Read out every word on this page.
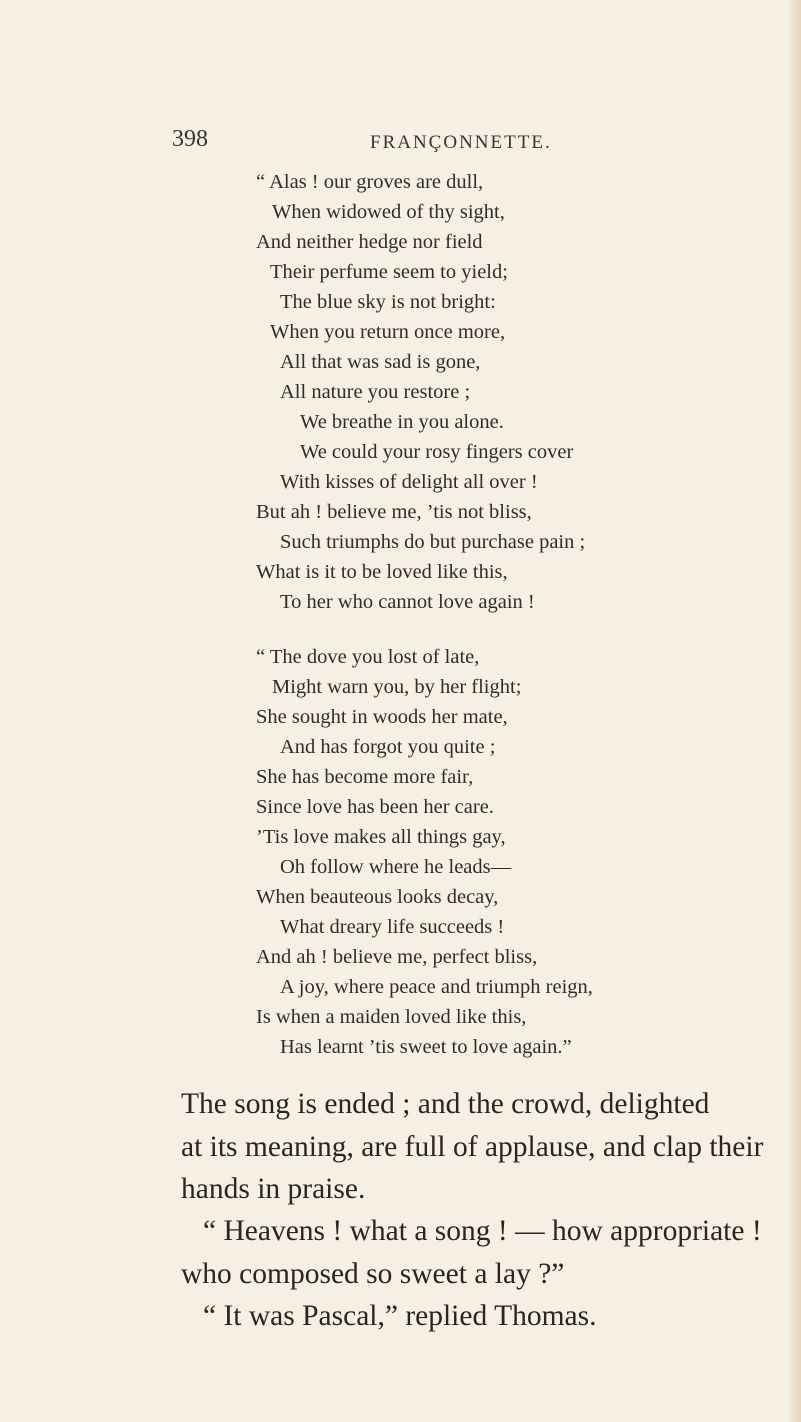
398	FRANÇONNETTE.
“ Alas ! our groves are dull,
When widowed of thy sight,
And neither hedge nor field
Their perfume seem to yield;
The blue sky is not bright:
When you return once more,
All that was sad is gone,
All nature you restore ;
We breathe in you alone.
We could your rosy fingers cover
With kisses of delight all over !
But ah ! believe me, ’tis not bliss,
Such triumphs do but purchase pain ;
What is it to be loved like this,
To her who cannot love again !
“ The dove you lost of late,
Might warn you, by her flight;
She sought in woods her mate,
And has forgot you quite ;
She has become more fair,
Since love has been her care.
’Tis love makes all things gay,
Oh follow where he leads—
When beauteous looks decay,
What dreary life succeeds !
And ah ! believe me, perfect bliss,
A joy, where peace and triumph reign,
Is when a maiden loved like this,
Has learnt ’tis sweet to love again.”
The song is ended ; and the crowd, delighted
at its meaning, are full of applause, and clap their
hands in praise.
“ Heavens ! what a song ! — how appropriate !
who composed so sweet a lay ?”
“ It was Pascal,” replied Thomas.
